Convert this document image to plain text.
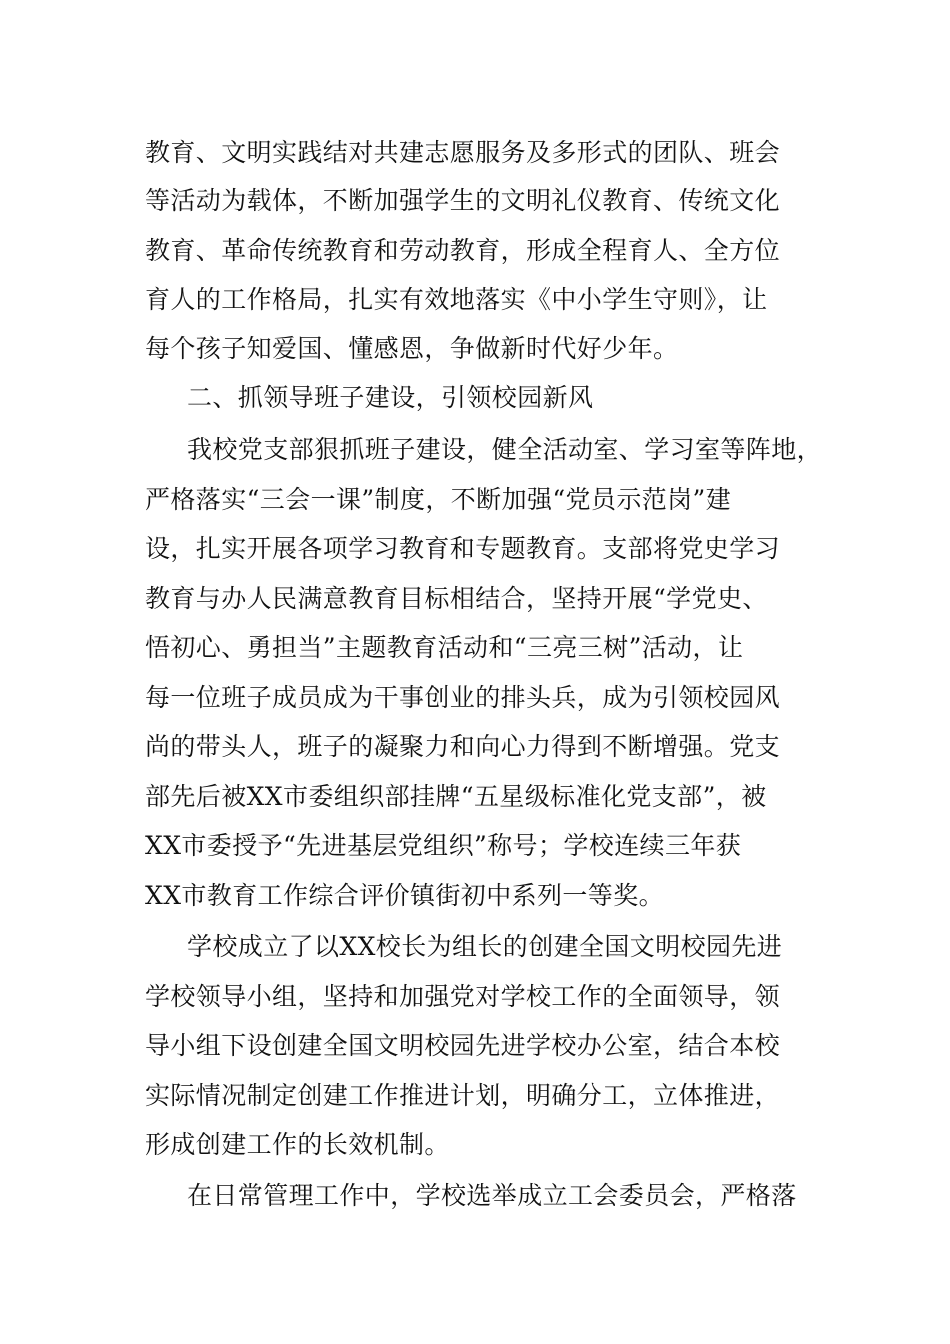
教育、文明实践结对共建志愿服务及多形式的团队、班会
等活动为载体，不断加强学生的文明礼仪教育、传统文化
教育、革命传统教育和劳动教育，形成全程育人、全方位
育人的工作格局，扎实有效地落实《中小学生守则》，让
每个孩子知爱国、懂感恩，争做新时代好少年。
二、抓领导班子建设，引领校园新风
我校党支部狠抓班子建设，健全活动室、学习室等阵地，
严格落实“三会一课”制度，不断加强“党员示范岗”建
设，扎实开展各项学习教育和专题教育。支部将党史学习
教育与办人民满意教育目标相结合，坚持开展“学党史、
悟初心、勇担当”主题教育活动和“三亮三树”活动，让
每一位班子成员成为干事创业的排头兵，成为引领校园风
尚的带头人，班子的凝聚力和向心力得到不断增强。党支
部先后被XX市委组织部挂牌“五星级标准化党支部”，被
XX市委授予“先进基层党组织”称号；学校连续三年获
XX市教育工作综合评价镇街初中系列一等奖。
学校成立了以XX校长为组长的创建全国文明校园先进
学校领导小组，坚持和加强党对学校工作的全面领导，领
导小组下设创建全国文明校园先进学校办公室，结合本校
实际情况制定创建工作推进计划，明确分工，立体推进，
形成创建工作的长效机制。
在日常管理工作中，学校选举成立工会委员会，严格落
